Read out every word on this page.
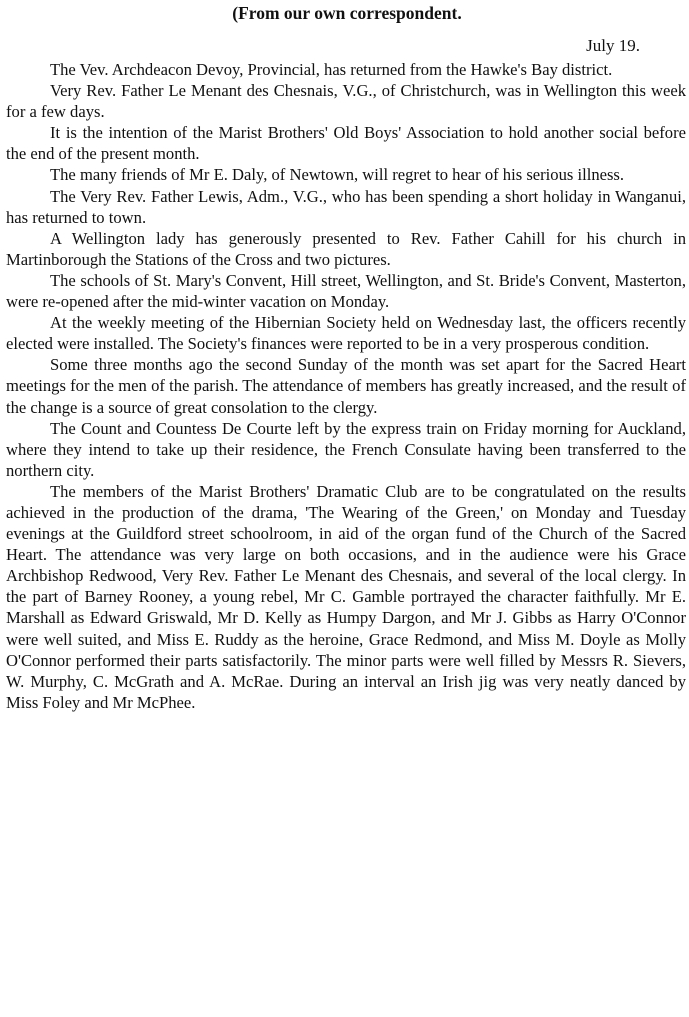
(From our own correspondent.
July 19.

The Vev. Archdeacon Devoy, Provincial, has returned from the Hawke's Bay district.

Very Rev. Father Le Menant des Chesnais, V.G., of Christchurch, was in Wellington this week for a few days.

It is the intention of the Marist Brothers' Old Boys' Association to hold another social before the end of the present month.

The many friends of Mr E. Daly, of Newtown, will regret to hear of his serious illness.

The Very Rev. Father Lewis, Adm., V.G., who has been spending a short holiday in Wanganui, has returned to town.

A Wellington lady has generously presented to Rev. Father Cahill for his church in Martinborough the Stations of the Cross and two pictures.

The schools of St. Mary's Convent, Hill street, Wellington, and St. Bride's Convent, Masterton, were re-opened after the mid-winter vacation on Monday.

At the weekly meeting of the Hibernian Society held on Wednesday last, the officers recently elected were installed. The Society's finances were reported to be in a very prosperous condition.

Some three months ago the second Sunday of the month was set apart for the Sacred Heart meetings for the men of the parish. The attendance of members has greatly increased, and the result of the change is a source of great consolation to the clergy.

The Count and Countess De Courte left by the express train on Friday morning for Auckland, where they intend to take up their residence, the French Consulate having been transferred to the northern city.

The members of the Marist Brothers' Dramatic Club are to be congratulated on the results achieved in the production of the drama, 'The Wearing of the Green,' on Monday and Tuesday evenings at the Guildford street schoolroom, in aid of the organ fund of the Church of the Sacred Heart. The attendance was very large on both occasions, and in the audience were his Grace Archbishop Redwood, Very Rev. Father Le Menant des Chesnais, and several of the local clergy. In the part of Barney Rooney, a young rebel, Mr C. Gamble portrayed the character faithfully. Mr E. Marshall as Edward Griswald, Mr D. Kelly as Humpy Dargon, and Mr J. Gibbs as Harry O'Connor were well suited, and Miss E. Ruddy as the heroine, Grace Redmond, and Miss M. Doyle as Molly O'Connor performed their parts satisfactorily. The minor parts were well filled by Messrs R. Sievers, W. Murphy, C. McGrath and A. McRae. During an interval an Irish jig was very neatly danced by Miss Foley and Mr McPhee.
